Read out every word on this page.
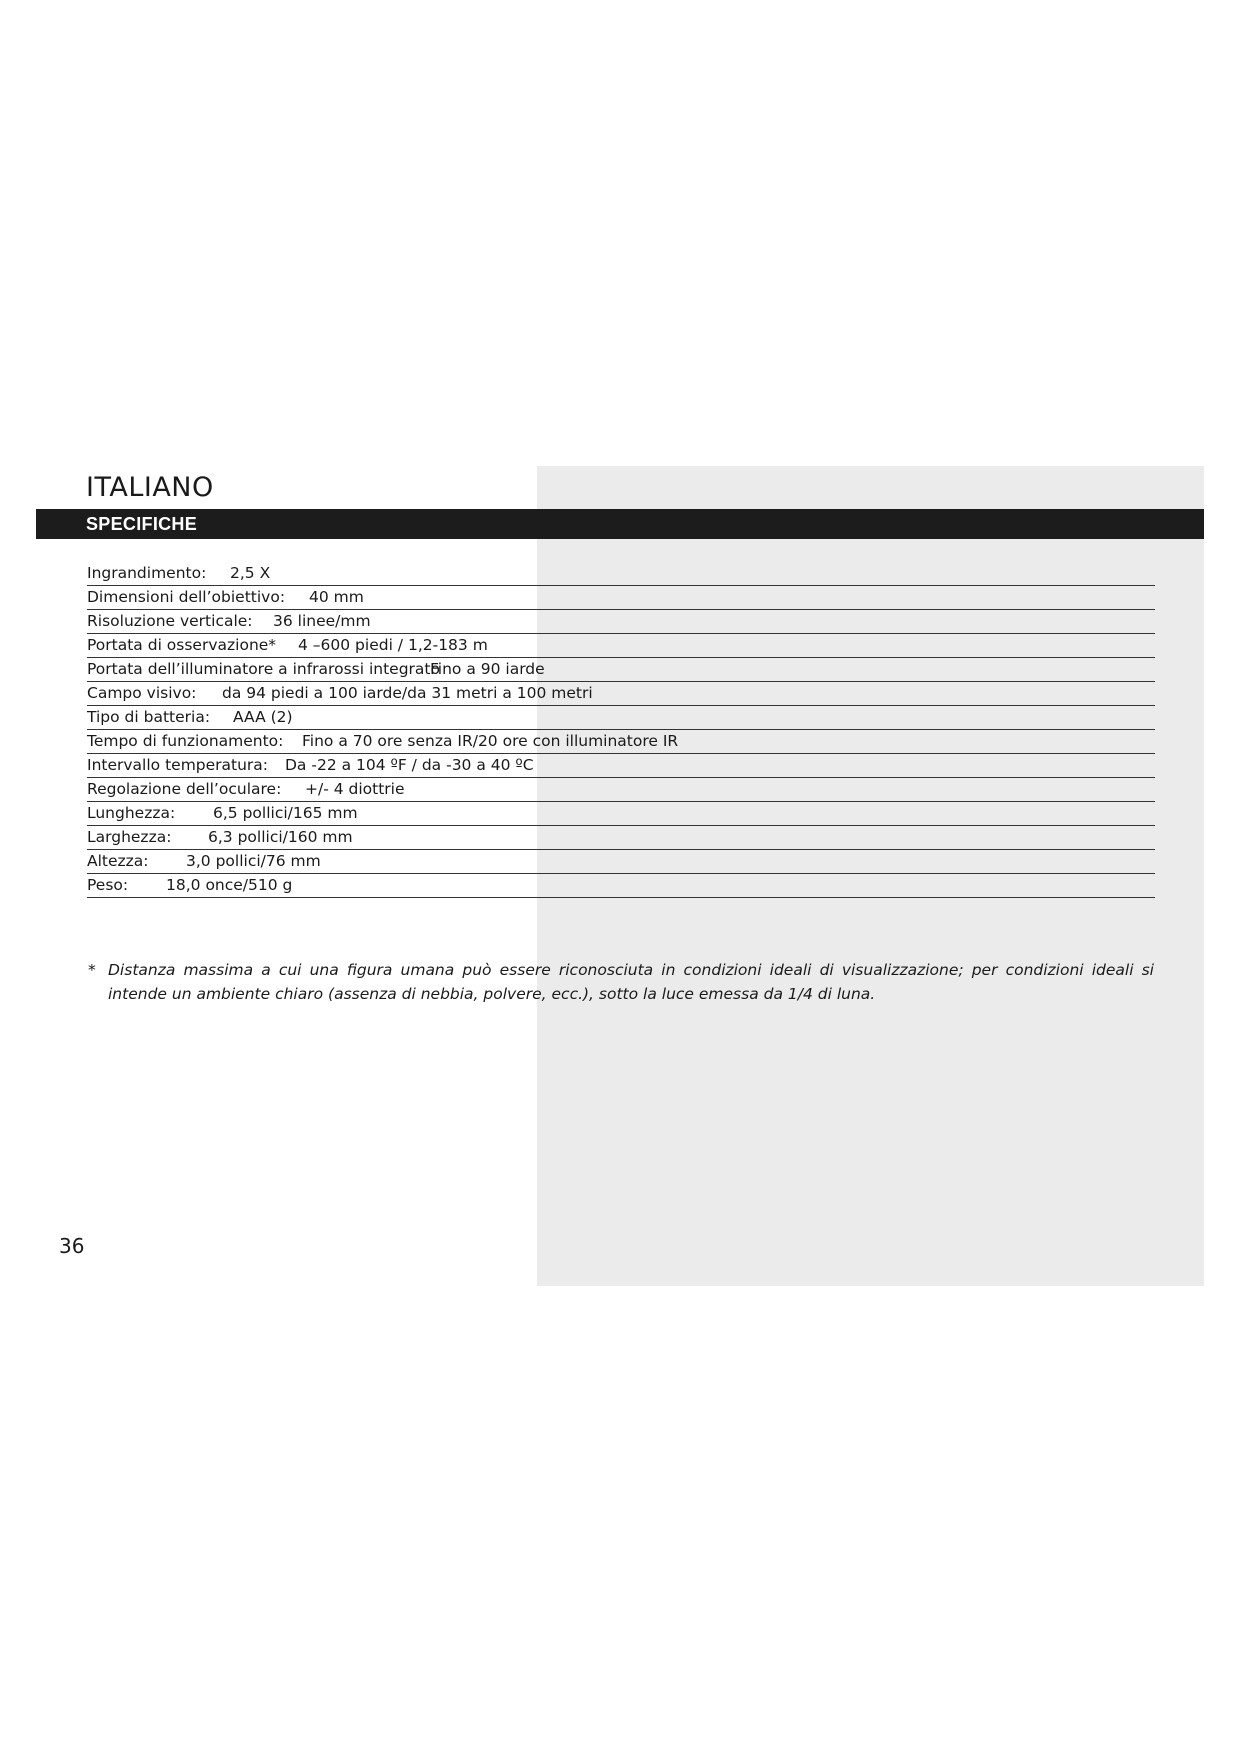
ITALIANO
SPECIFICHE
Ingrandimento: 2,5 X
Dimensioni dell’obiettivo: 40 mm
Risoluzione verticale: 36 linee/mm
Portata di osservazione* 4 –600 piedi / 1,2-183 m
Portata dell’illuminatore a infrarossi integrato
Fino a 90 iarde
Campo visivo: da 94 piedi a 100 iarde/da 31 metri a 100 metri
Tipo di batteria: AAA (2)
Tempo di funzionamento: Fino a 70 ore senza IR/20 ore con illuminatore IR
Intervallo temperatura: Da -22 a 104 ºF / da -30 a 40 ºC
Regolazione dell’oculare: +/- 4 diottrie
Lunghezza: 6,5 pollici/165 mm
Larghezza: 6,3 pollici/160 mm
Altezza: 3,0 pollici/76 mm
Peso: 18,0 once/510 g
* Distanza massima a cui una figura umana può essere riconosciuta in condizioni ideali di visualizzazione; per condizioni ideali si intende un ambiente chiaro (assenza di nebbia, polvere, ecc.), sotto la luce emessa da 1/4 di luna.
36
